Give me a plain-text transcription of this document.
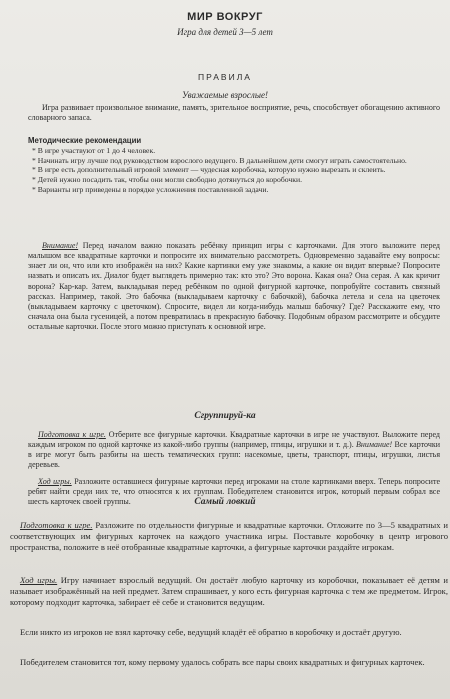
МИР ВОКРУГ
Игра для детей 3—5 лет
ПРАВИЛА
Уважаемые взрослые!

Игра развивает произвольное внимание, память, зрительное восприятие, речь, способствует обогащению активного словарного запаса.

Методические рекомендации
* В игре участвуют от 1 до 4 человек.
* Начинать игру лучше под руководством взрослого ведущего. В дальнейшем дети смогут играть самостоятельно.
* В игре есть дополнительный игровой элемент — чудесная коробочка, которую нужно вырезать и склеить.
* Детей нужно посадить так, чтобы они могли свободно дотянуться до коробочки.
* Варианты игр приведены в порядке усложнения поставленной задачи.

Внимание! Перед началом важно показать ребёнку принцип игры с карточками. Для этого выложите перед малышом все квадратные карточки и попросите их внимательно рассмотреть. Одновременно задавайте ему вопросы: знает ли он, что или кто изображён на них? Какие картинки ему уже знакомы, а какие он видит впервые? Попросите назвать и описать их. Диалог будет выглядеть примерно так: кто это? Это ворона. Какая она? Она серая. А как кричит ворона? Кар-кар. Затем, выкладывая перед ребёнком по одной фигурной карточке, попробуйте составить связный рассказ. Например, такой. Это бабочка (выкладываем карточку с бабочкой), бабочка летела и села на цветочек (выкладываем карточку с цветочком). Спросите, видел ли когда-нибудь малыш бабочку? Где? Расскажите ему, что сначала она была гусеницей, а потом превратилась в прекрасную бабочку. Подобным образом рассмотрите и обсудите остальные карточки. После этого можно приступать к основной игре.

Сгруппируй-ка

Подготовка к игре. Отберите все фигурные карточки. Квадратные карточки в игре не участвуют. Выложите перед каждым игроком по одной карточке из какой-либо группы (например, птицы, игрушки и т. д.). Внимание! Все карточки в игре могут быть разбиты на шесть тематических групп: насекомые, цветы, транспорт, птицы, игрушки, листья деревьев.

Ход игры. Разложите оставшиеся фигурные карточки перед игроками на столе картинками вверх. Теперь попросите ребят найти среди них те, что относятся к их группам. Победителем становится игрок, который первым собрал все шесть карточек своей группы.	Самый ловкий

Подготовка к игре. Разложите по отдельности фигурные и квадратные карточки. Отложите по 3—5 квадратных и соответствующих им фигурных карточек на каждого участника игры. Поставьте коробочку в центр игрового пространства, положите в неё отобранные квадратные карточки, а фигурные карточки раздайте игрокам.

Ход игры. Игру начинает взрослый ведущий. Он достаёт любую карточку из коробочки, показывает её детям и называет изображённый на ней предмет. Затем спрашивает, у кого есть фигурная карточка с тем же предметом. Игрок, которому подходит карточка, забирает её себе и становится ведущим.

Если никто из игроков не взял карточку себе, ведущий кладёт её обратно в коробочку и достаёт другую.

Победителем становится тот, кому первому удалось собрать все пары своих квадратных и фигурных карточек.
